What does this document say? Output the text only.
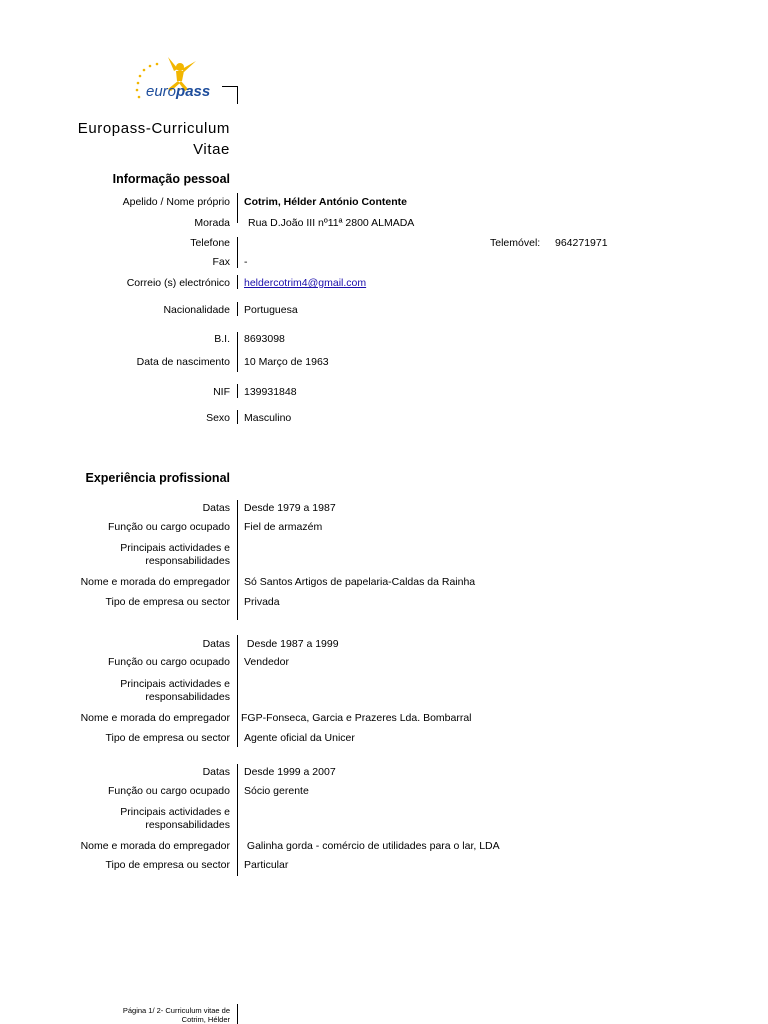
europass
Europass-Curriculum
Vitae
Informação pessoal
Apelido / Nome próprio Cotrim, Hélder António Contente
Morada Rua D.João III nº11ª 2800 ALMADA
Telefone	Telemóvel: 964271971
Fax -
Correio (s) electrónico heldercotrim4@gmail.com
Nacionalidade Portuguesa
B.I. 8693098
Data de nascimento 10 Março de 1963
NIF 139931848
Sexo Masculino
Experiência profissional
Datas Desde 1979 a 1987
Função ou cargo ocupado Fiel de armazém
Principais actividades e
responsabilidades
Nome e morada do empregador Só Santos Artigos de papelaria-Caldas da Rainha
Tipo de empresa ou sector Privada
Datas Desde 1987 a 1999
Função ou cargo ocupado Vendedor
Principais actividades e
responsabilidades
Nome e morada do empregador FGP-Fonseca, Garcia e Prazeres Lda. Bombarral
Tipo de empresa ou sector Agente oficial da Unicer
Datas Desde 1999 a 2007
Função ou cargo ocupado Sócio gerente
Principais actividades e
responsabilidades
Nome e morada do empregador Galinha gorda - comércio de utilidades para o lar, LDA
Tipo de empresa ou sector Particular
Página 1/ 2- Curriculum vitae de
Cotrim, Hélder
